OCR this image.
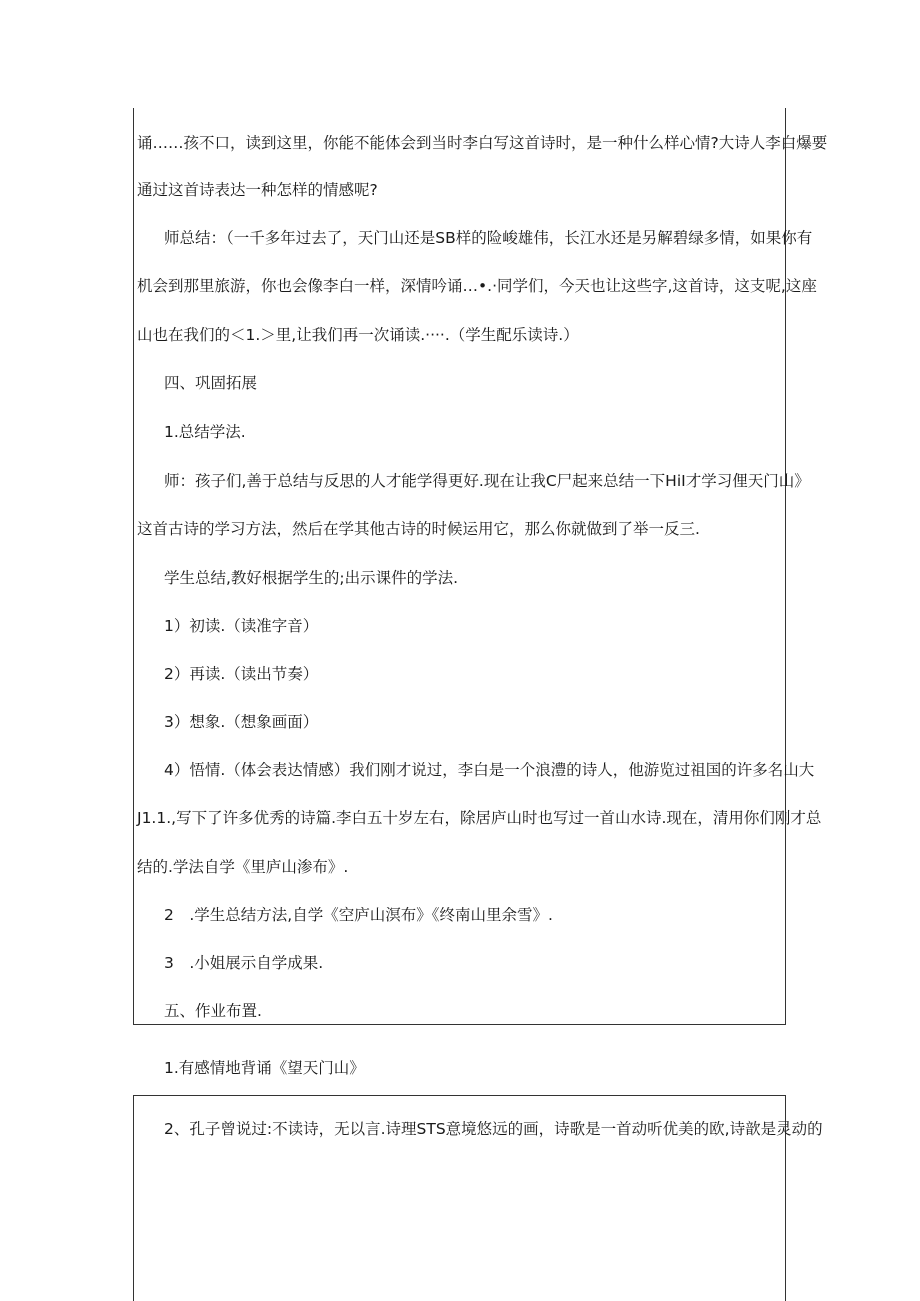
诵……孩不口，读到这里，你能不能体会到当时李白写这首诗时，是一种什么样心情?大诗人李白爆要
通过这首诗表达一种怎样的情感呢?
师总结：（一千多年过去了，天门山还是SB样的险峻雄伟，长江水还是另解碧绿多情，如果你有
机会到那里旅游，你也会像李白一样，深情吟诵…•.·同学们，今天也让这些字,这首诗，这支呢,这座
山也在我们的＜1.＞里,让我们再一次诵读.····.（学生配乐读诗.）
四、巩固拓展
1.总结学法.
师：孩子们,善于总结与反思的人才能学得更好.现在让我C尸起来总结一下HiI才学习俚天门山》
这首古诗的学习方法，然后在学其他古诗的时候运用它，那么你就做到了举一反三.
学生总结,教好根据学生的;出示课件的学法.
1）初读.（读准字音）
2）再读.（读出节奏）
3）想象.（想象画面）
4）悟情.（体会表达情感）我们刚才说过，李白是一个浪澧的诗人，他游览过祖国的许多名山大
J1.1.,写下了许多优秀的诗篇.李白五十岁左右，除居庐山时也写过一首山水诗.现在，清用你们刚才总
结的.学法自学《里庐山渗布》.
2　.学生总结方法,自学《空庐山溟布》《终南山里余雪》.
3　.小姐展示自学成果.
五、作业布置.
1.有感情地背诵《望天门山》
2、孔子曾说过:不读诗，无以言.诗理STS意境悠远的画，诗歌是一首动听优美的欧,诗歆是灵动的
